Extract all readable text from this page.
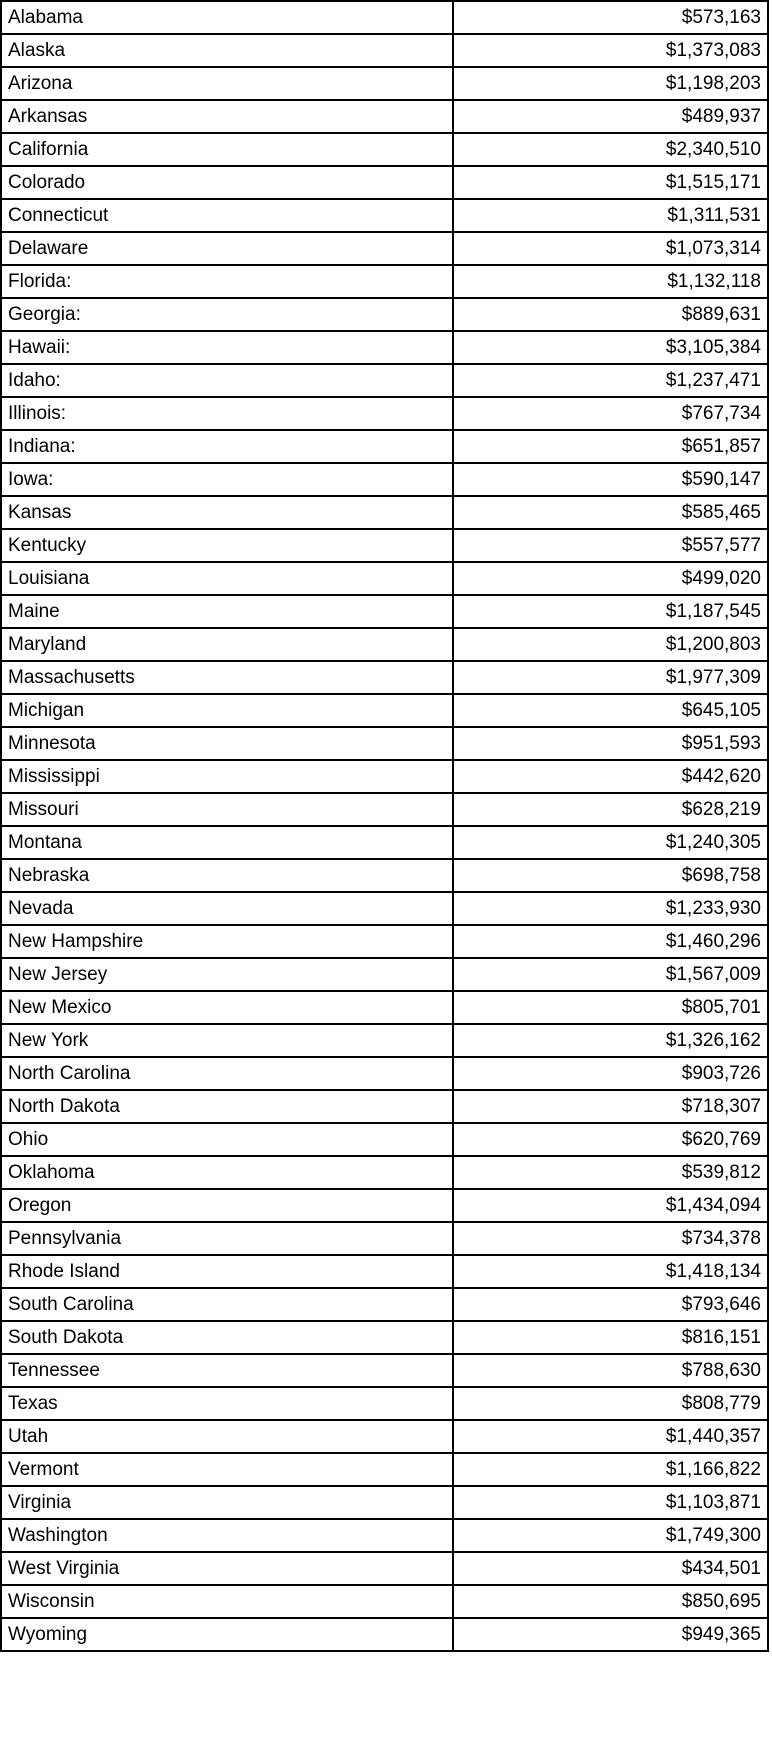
Alabama	$573,163
Alaska	$1,373,083
Arizona	$1,198,203
Arkansas	$489,937
California	$2,340,510
Colorado	$1,515,171
Connecticut	$1,311,531
Delaware	$1,073,314
Florida:	$1,132,118
Georgia:	$889,631
Hawaii:	$3,105,384
Idaho:	$1,237,471
Illinois:	$767,734
Indiana:	$651,857
Iowa:	$590,147
Kansas	$585,465
Kentucky	$557,577
Louisiana	$499,020
Maine	$1,187,545
Maryland	$1,200,803
Massachusetts	$1,977,309
Michigan	$645,105
Minnesota	$951,593
Mississippi	$442,620
Missouri	$628,219
Montana	$1,240,305
Nebraska	$698,758
Nevada	$1,233,930
New Hampshire	$1,460,296
New Jersey	$1,567,009
New Mexico	$805,701
New York	$1,326,162
North Carolina	$903,726
North Dakota	$718,307
Ohio	$620,769
Oklahoma	$539,812
Oregon	$1,434,094
Pennsylvania	$734,378
Rhode Island	$1,418,134
South Carolina	$793,646
South Dakota	$816,151
Tennessee	$788,630
Texas	$808,779
Utah	$1,440,357
Vermont	$1,166,822
Virginia	$1,103,871
Washington	$1,749,300
West Virginia	$434,501
Wisconsin	$850,695
Wyoming	$949,365
